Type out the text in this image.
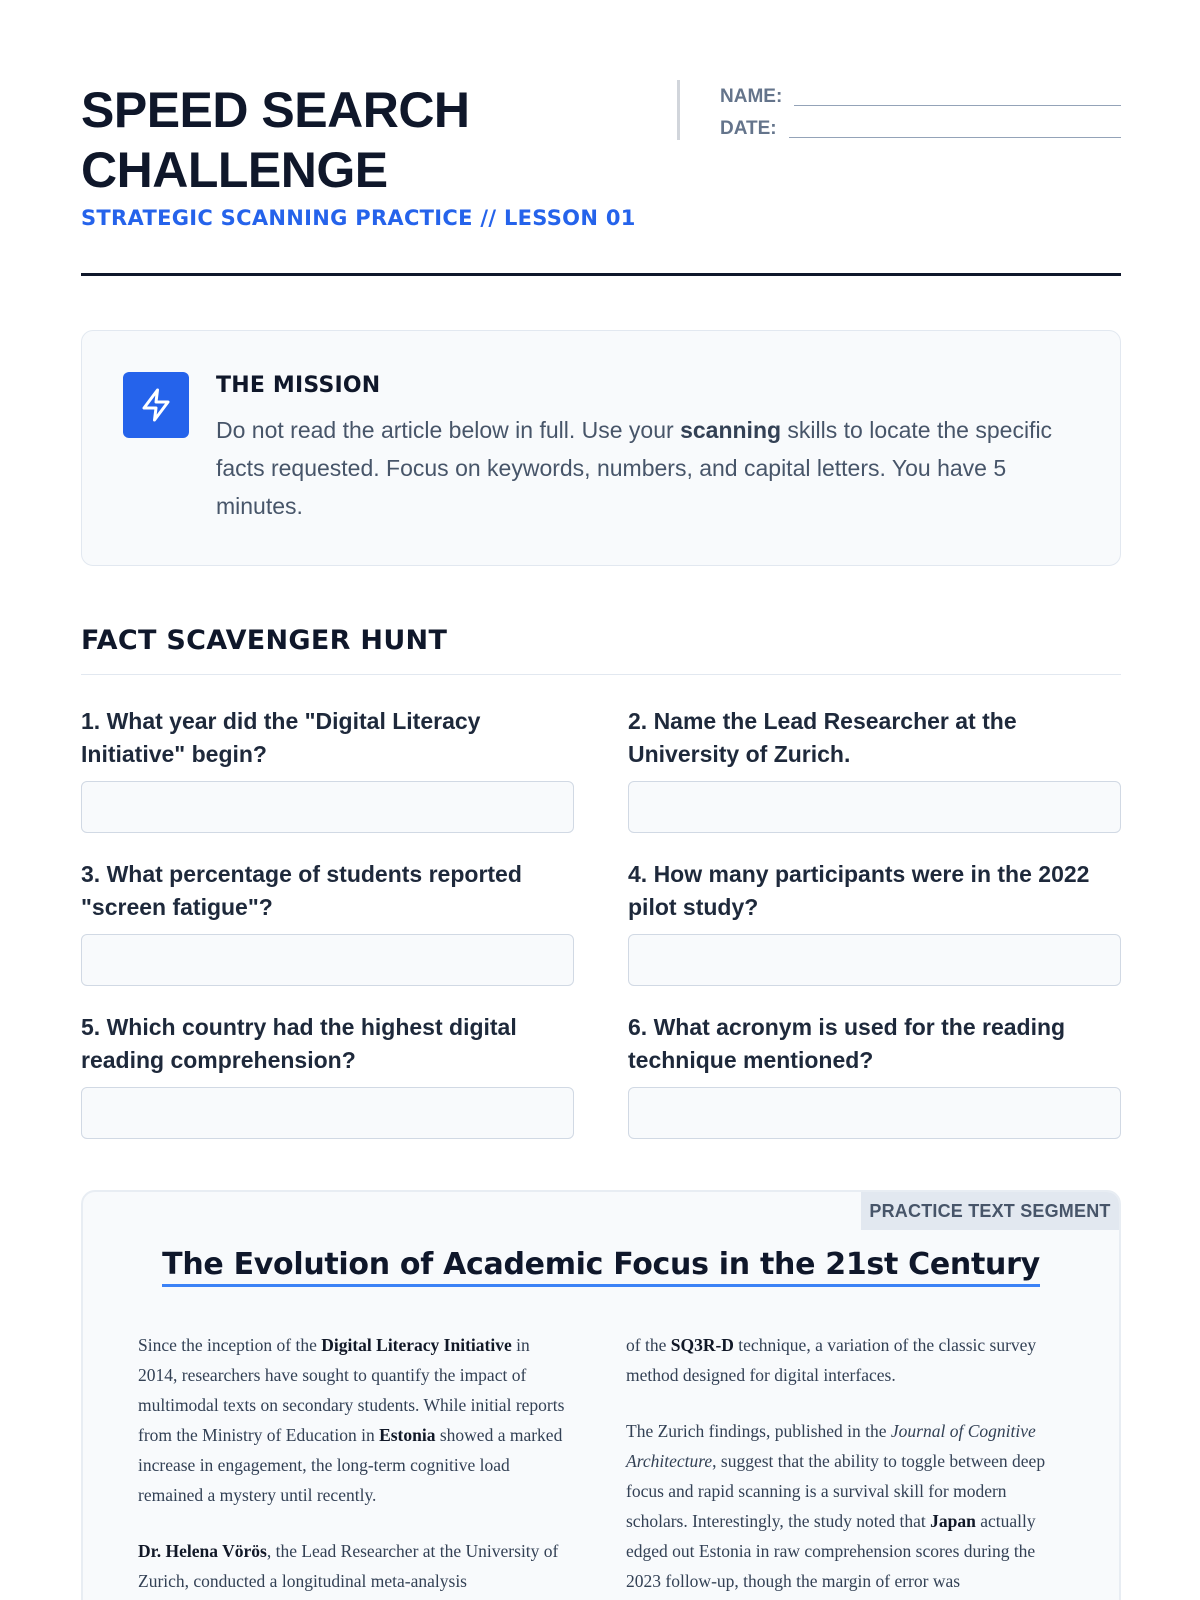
SPEED SEARCH CHALLENGE
STRATEGIC SCANNING PRACTICE // LESSON 01
NAME:
DATE:
THE MISSION
Do not read the article below in full. Use your scanning skills to locate the specific facts requested. Focus on keywords, numbers, and capital letters. You have 5 minutes.
FACT SCAVENGER HUNT
1. What year did the "Digital Literacy Initiative" begin?
2. Name the Lead Researcher at the University of Zurich.
3. What percentage of students reported "screen fatigue"?
4. How many participants were in the 2022 pilot study?
5. Which country had the highest digital reading comprehension?
6. What acronym is used for the reading technique mentioned?
PRACTICE TEXT SEGMENT
The Evolution of Academic Focus in the 21st Century

Since the inception of the Digital Literacy Initiative in 2014, researchers have sought to quantify the impact of multimodal texts on secondary students. While initial reports from the Ministry of Education in Estonia showed a marked increase in engagement, the long-term cognitive load remained a mystery until recently.

Dr. Helena Vörös, the Lead Researcher at the University of Zurich, conducted a longitudinal meta-analysis

of the SQ3R-D technique, a variation of the classic survey method designed for digital interfaces.

The Zurich findings, published in the Journal of Cognitive Architecture, suggest that the ability to toggle between deep focus and rapid scanning is a survival skill for modern scholars. Interestingly, the study noted that Japan actually edged out Estonia in raw comprehension scores during the 2023 follow-up, though the margin of error was
